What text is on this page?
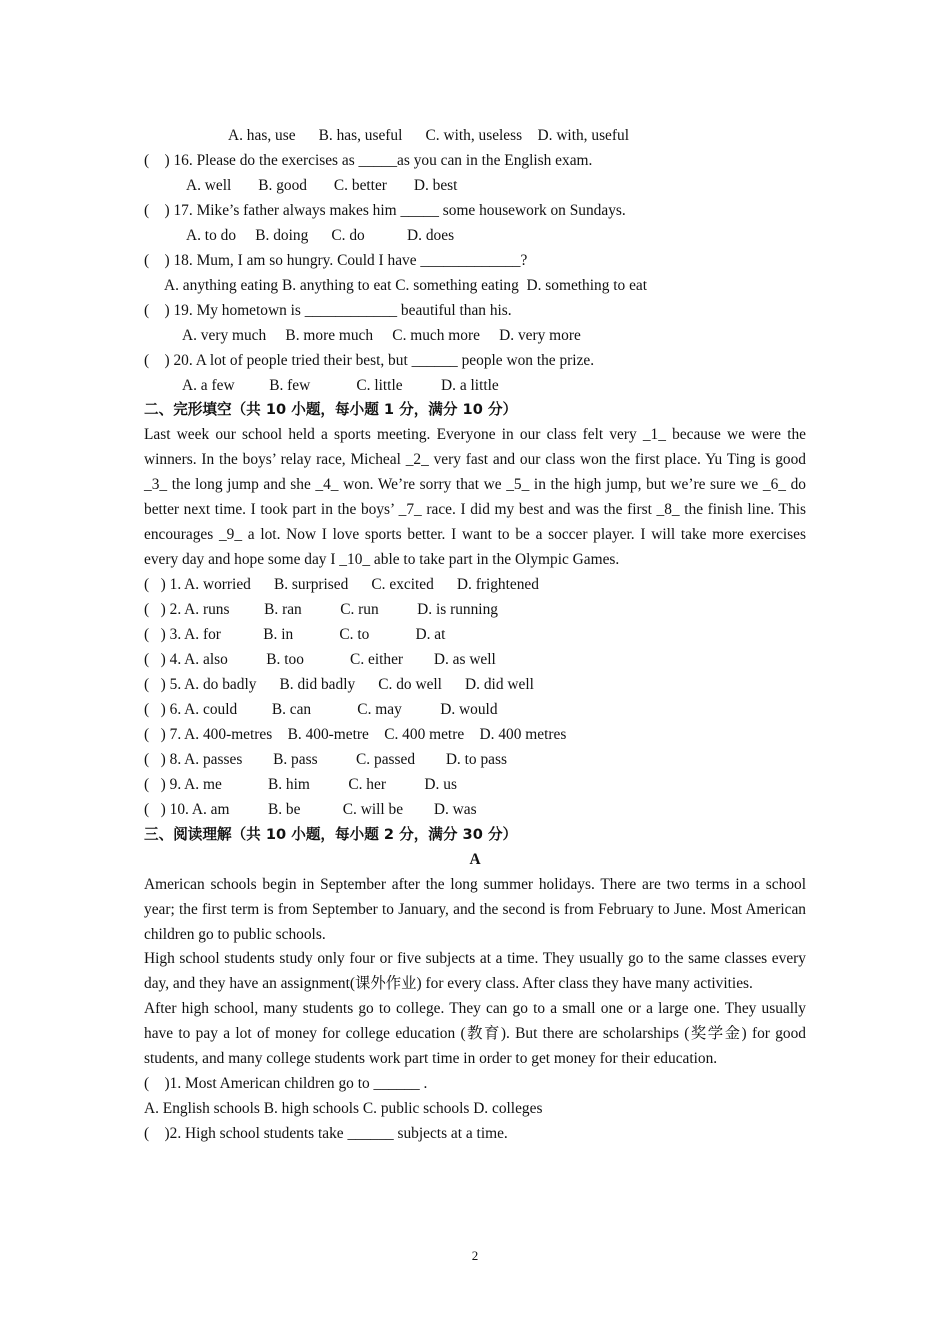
A. has, use      B. has, useful      C. with, useless    D. with, useful
(    ) 16. Please do the exercises as _____as you can in the English exam.
A. well       B. good       C. better       D. best
(    ) 17. Mike’s father always makes him _____ some housework on Sundays.
A. to do     B. doing      C. do           D. does
(    ) 18. Mum, I am so hungry. Could I have _____________?
A. anything eating B. anything to eat C. something eating  D. something to eat
(    ) 19. My hometown is ____________ beautiful than his.
A. very much     B. more much     C. much more     D. very more
(    ) 20. A lot of people tried their best, but ______ people won the prize.
A. a few         B. few            C. little          D. a little
二、完形填空（共 10 小题，每小题 1 分，满分 10 分）
Last week our school held a sports meeting. Everyone in our class felt very _1_ because we were the winners. In the boys’ relay race, Micheal _2_ very fast and our class won the first place. Yu Ting is good _3_ the long jump and she _4_ won. We’re sorry that we _5_ in the high jump, but we’re sure we _6_ do better next time. I took part in the boys’ _7_ race. I did my best and was the first _8_ the finish line. This encourages _9_ a lot. Now I love sports better. I want to be a soccer player. I will take more exercises every day and hope some day I _10_ able to take part in the Olympic Games.
(   ) 1. A. worried      B. surprised      C. excited      D. frightened
(   ) 2. A. runs         B. ran          C. run          D. is running
(   ) 3. A. for           B. in            C. to            D. at
(   ) 4. A. also          B. too            C. either        D. as well
(   ) 5. A. do badly      B. did badly      C. do well      D. did well
(   ) 6. A. could         B. can            C. may          D. would
(   ) 7. A. 400-metres    B. 400-metre    C. 400 metre    D. 400 metres
(   ) 8. A. passes        B. pass          C. passed        D. to pass
(   ) 9. A. me            B. him          C. her          D. us
(   ) 10. A. am          B. be           C. will be        D. was
三、阅读理解（共 10 小题，每小题 2 分，满分 30 分）
A
American schools begin in September after the long summer holidays. There are two terms in a school year; the first term is from September to January, and the second is from February to June. Most American children go to public schools.
High school students study only four or five subjects at a time. They usually go to the same classes every day, and they have an assignment(课外作业) for every class. After class they have many activities.
After high school, many students go to college. They can go to a small one or a large one. They usually have to pay a lot of money for college education (教育). But there are scholarships (奖学金) for good students, and many college students work part time in order to get money for their education.
(    )1. Most American children go to ______ .
A. English schools B. high schools C. public schools D. colleges
(    )2. High school students take ______ subjects at a time.
2
